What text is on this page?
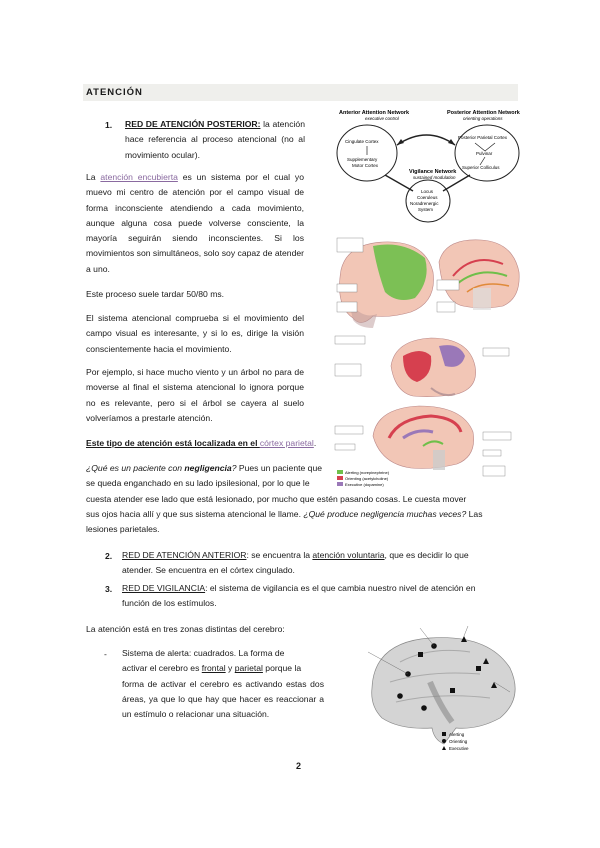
ATENCIÓN
1. RED DE ATENCIÓN POSTERIOR: la atención hace referencia al proceso atencional (no al movimiento ocular).

La atención encubierta es un sistema por el cual yo muevo mi centro de atención por el campo visual de forma inconsciente atendiendo a cada movimiento, aunque alguna cosa puede volverse consciente, la mayoría seguirán siendo inconscientes. Si los movimientos son simultáneos, solo soy capaz de atender a uno.

Este proceso suele tardar 50/80 ms.

El sistema atencional comprueba si el movimiento del campo visual es interesante, y si lo es, dirige la visión conscientemente hacia el movimiento.

Por ejemplo, si hace mucho viento y un árbol no para de moverse al final el sistema atencional lo ignora porque no es relevante, pero si el árbol se cayera al suelo volveríamos a prestarle atención.

Este tipo de atención está localizada en el córtex parietal.

¿Qué es un paciente con negligencia? Pues un paciente que
se queda enganchado en su lado ipsilesional, por lo que le
cuesta atender ese lado que está lesionado, por mucho que estén pasando cosas. Le cuesta mover
sus ojos hacia allí y que sus sistema atencional le llame. ¿Qué produce negligencia muchas veces? Las
lesiones parietales.
2. RED DE ATENCIÓN ANTERIOR: se encuentra la atención voluntaria, que es decidir lo que
atender. Se encuentra en el córtex cingulado.
3. RED DE VIGILANCIA: el sistema de vigilancia es el que cambia nuestro nivel de atención en
función de los estímulos.

La atención está en tres zonas distintas del cerebro:

- Sistema de alerta: cuadrados. La forma de
activar el cerebro es frontal y parietal porque la
forma de activar el cerebro es activando estas dos áreas, ya que lo que hay que hacer es reaccionar a un estímulo o relacionar una situación.
Anterior Attention Network
executive control
Posterior Attention Network
orienting operations
Cingulate Cortex
Supplementary
Motor Cortex
Posterior Parietal Cortex
Pulvinar
Superior Colliculus
Vigilance Network
sustained modulation
Locus
Coeruleus
Noradrenergic
System
Alerting (norepinephrine)
Orienting (acetylcholine)
Executive (dopamine)
Alerting
Orienting
Executive
2
